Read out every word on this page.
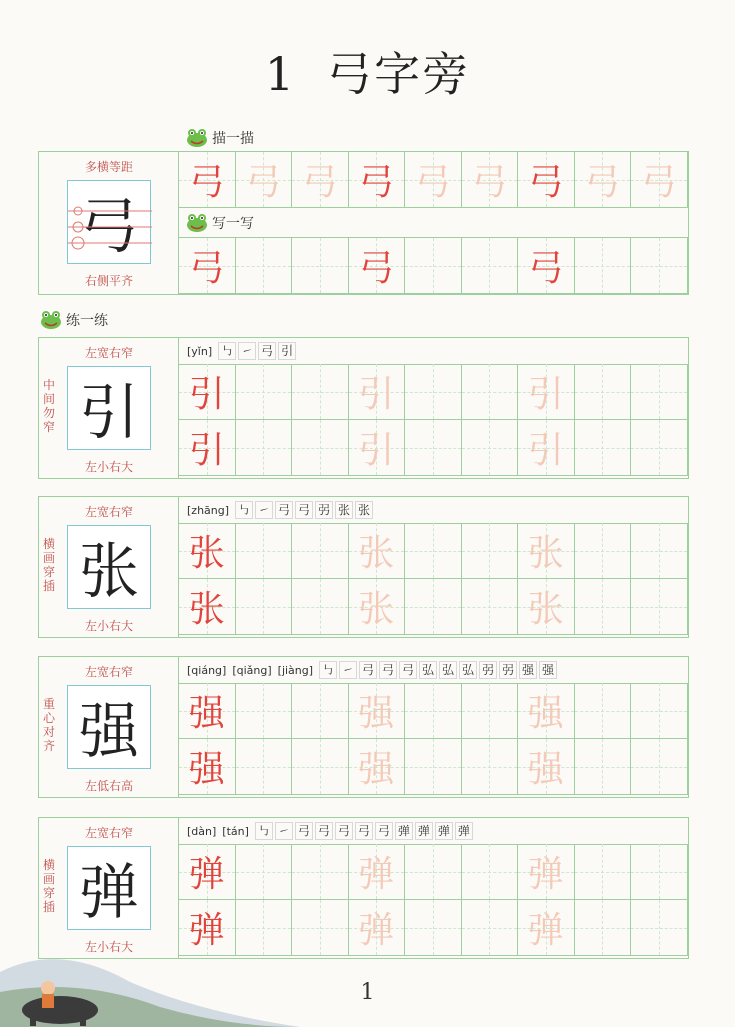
1 弓字旁
描一描
多横等距
弓
右侧平齐
弓 弓 弓 弓 弓 弓 弓 弓 弓
弓	弓	弓
写一写
练一练
左宽右窄
中间勿窄 引
左小右大
[yǐn] ㇉ ㇀ 弓 引
引	引	引
引	引	引
左宽右窄
横画穿插 张
左小右大
[zhāng] ㇉ ㇀ 弓 弓 弜 张 张
张	张	张
张	张	张
左宽右窄
重心对齐 强
左低右高
[qiáng] [qiǎng] [jiàng] ㇉ ㇀ 弓 弓 弓 弘 弘 弘 弜 弜 强 强
强	强	强
强	强	强
左宽右窄
横画穿插 弹
左小右大
[dàn] [tán] ㇉ ㇀ 弓 弓 弓 弓 弓 弹 弹 弹 弹
弹	弹	弹
弹	弹	弹
1
